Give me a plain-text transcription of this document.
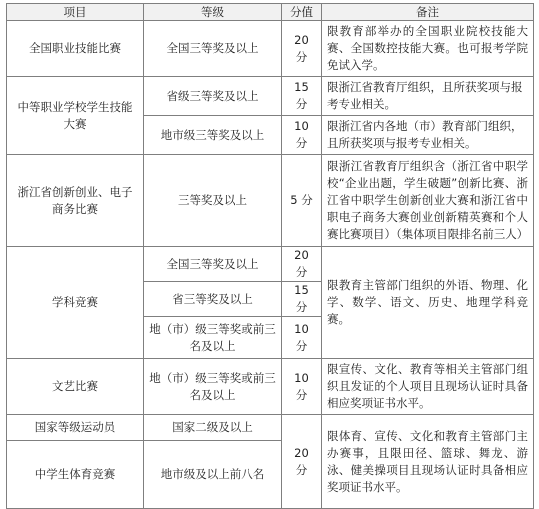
项目	等级	分值	备注
全国职业技能比赛	全国三等奖及以上	20 分	限教育部举办的全国职业院校技能大赛、全国数控技能大赛。也可报考学院免试入学。
中等职业学校学生技能大赛	省级三等奖及以上	15 分	限浙江省教育厅组织，且所获奖项与报考专业相关。
	地市级三等奖及以上	10 分	限浙江省内各地（市）教育部门组织，且所获奖项与报考专业相关。
浙江省创新创业、电子商务比赛	三等奖及以上	5 分	限浙江省教育厅组织含（浙江省中职学校“企业出题，学生破题”创新比赛、浙江省中职学生创新创业大赛和浙江省中职电子商务大赛创业创新精英赛和个人赛比赛项目）（集体项目限排名前三人）
学科竞赛	全国三等奖及以上	20 分	限教育主管部门组织的外语、物理、化学、数学、语文、历史、地理学科竞赛。
	省三等奖及以上	15 分	
	地（市）级三等奖或前三名及以上	10 分	
文艺比赛	地（市）级三等奖或前三名及以上	10 分	限宣传、文化、教育等相关主管部门组织且发证的个人项目且现场认证时具备相应奖项证书水平。
国家等级运动员	国家二级及以上	20 分	限体育、宣传、文化和教育主管部门主办赛事，且限田径、篮球、舞龙、游泳、健美操项目且现场认证时具备相应奖项证书水平。
中学生体育竞赛	地市级及以上前八名		
